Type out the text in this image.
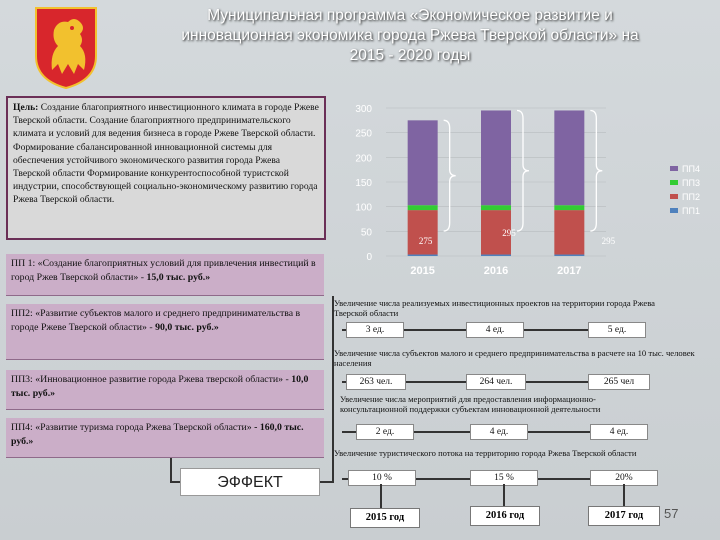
Муниципальная программа «Экономическое развитие и
инновационная экономика города Ржева Тверской области» на
2015 - 2020 годы
Цель: Создание благоприятного инвестиционного климата в городе Ржеве Тверской области. Создание благоприятного предпринимательского климата и условий для ведения бизнеса в городе Ржеве Тверской области. Формирование сбалансированной инновационной системы для обеспечения устойчивого экономического развития города Ржева Тверской области Формирование конкурентоспособной туристской индустрии, способствующей социально-экономическому развитию города Ржева Тверской области.
ПП 1: «Создание благоприятных условий для привлечения инвестиций в город Ржев Тверской области» - 15,0 тыс. руб.»
ПП2: «Развитие субъектов малого и среднего предпринимательства в городе Ржеве Тверской области» - 90,0 тыс. руб.»
ПП3: «Инновационное развитие города Ржева тверской области» - 10,0 тыс. руб.»
ПП4: «Развитие туризма города Ржева Тверской области» - 160,0 тыс. руб.»
ЭФФЕКТ
0
50
100
150
200
250
300
2015
275
2016
295
2017
295
ПП4
ПП3
ПП2
ПП1
Увеличение числа реализуемых инвестиционных проектов на территории города Ржева Тверской области
3 ед.	4 ед.	5 ед.
Увеличение числа субъектов малого и среднего предпринимательства в расчете на 10 тыс. человек населения
263 чел.	264 чел.	265 чел
Увеличение числа мероприятий для предоставления информационно-консультационной поддержки субъектам инновационной деятельности
2 ед.	4 ед.	4 ед.
Увеличение туристического потока на территорию города Ржева Тверской области
10 %	15 %	20%
2015 год	2016 год	2017 год	57
